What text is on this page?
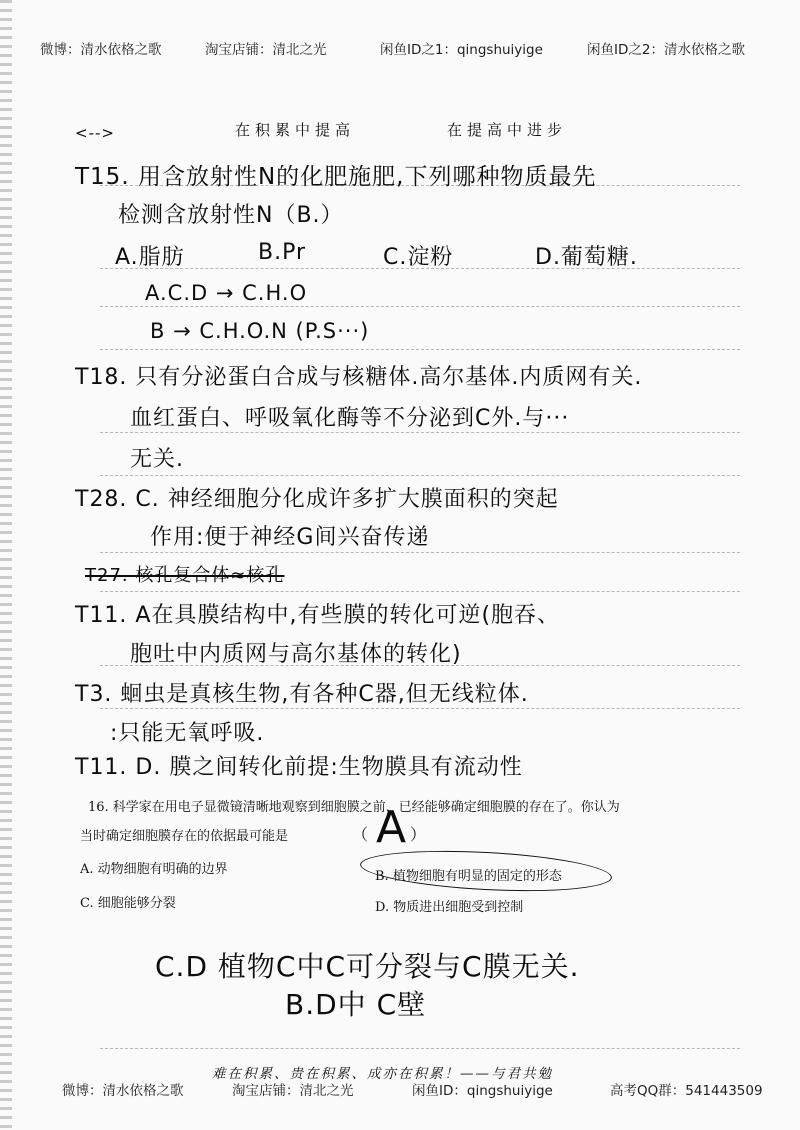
微博：清水依格之歌	淘宝店铺：清北之光	闲鱼ID之1：qingshuiyige	闲鱼ID之2：清水依格之歌
<-->	在积累中提高	在提高中进步
T15. 用含放射性N的化肥施肥,下列哪种物质最先
检测含放射性N（B.）
A.脂肪	B.Pr	C.淀粉	D.葡萄糖.
A.C.D → C.H.O
B → C.H.O.N (P.S···)
T18. 只有分泌蛋白合成与核糖体.高尔基体.内质网有关.
血红蛋白、呼吸氧化酶等不分泌到C外.与···
无关.
T28. C. 神经细胞分化成许多扩大膜面积的突起
作用:便于神经G间兴奋传递
T27. 核孔复合体≈核孔
T11. A在具膜结构中,有些膜的转化可逆(胞吞、
胞吐中内质网与高尔基体的转化)
T3. 蛔虫是真核生物,有各种C器,但无线粒体.
:只能无氧呼吸.
T11. D. 膜之间转化前提:生物膜具有流动性
16. 科学家在用电子显微镜清晰地观察到细胞膜之前，已经能够确定细胞膜的存在了。你认为
当时确定细胞膜存在的依据最可能是	（ A ）
A. 动物细胞有明确的边界	B. 植物细胞有明显的固定的形态
C. 细胞能够分裂	D. 物质进出细胞受到控制
C.D 植物C中C可分裂与C膜无关.
B.D中 C壁
难在积累、贵在积累、成亦在积累！——与君共勉
微博：清水依格之歌	淘宝店铺：清北之光	闲鱼ID：qingshuiyige	高考QQ群：541443509
